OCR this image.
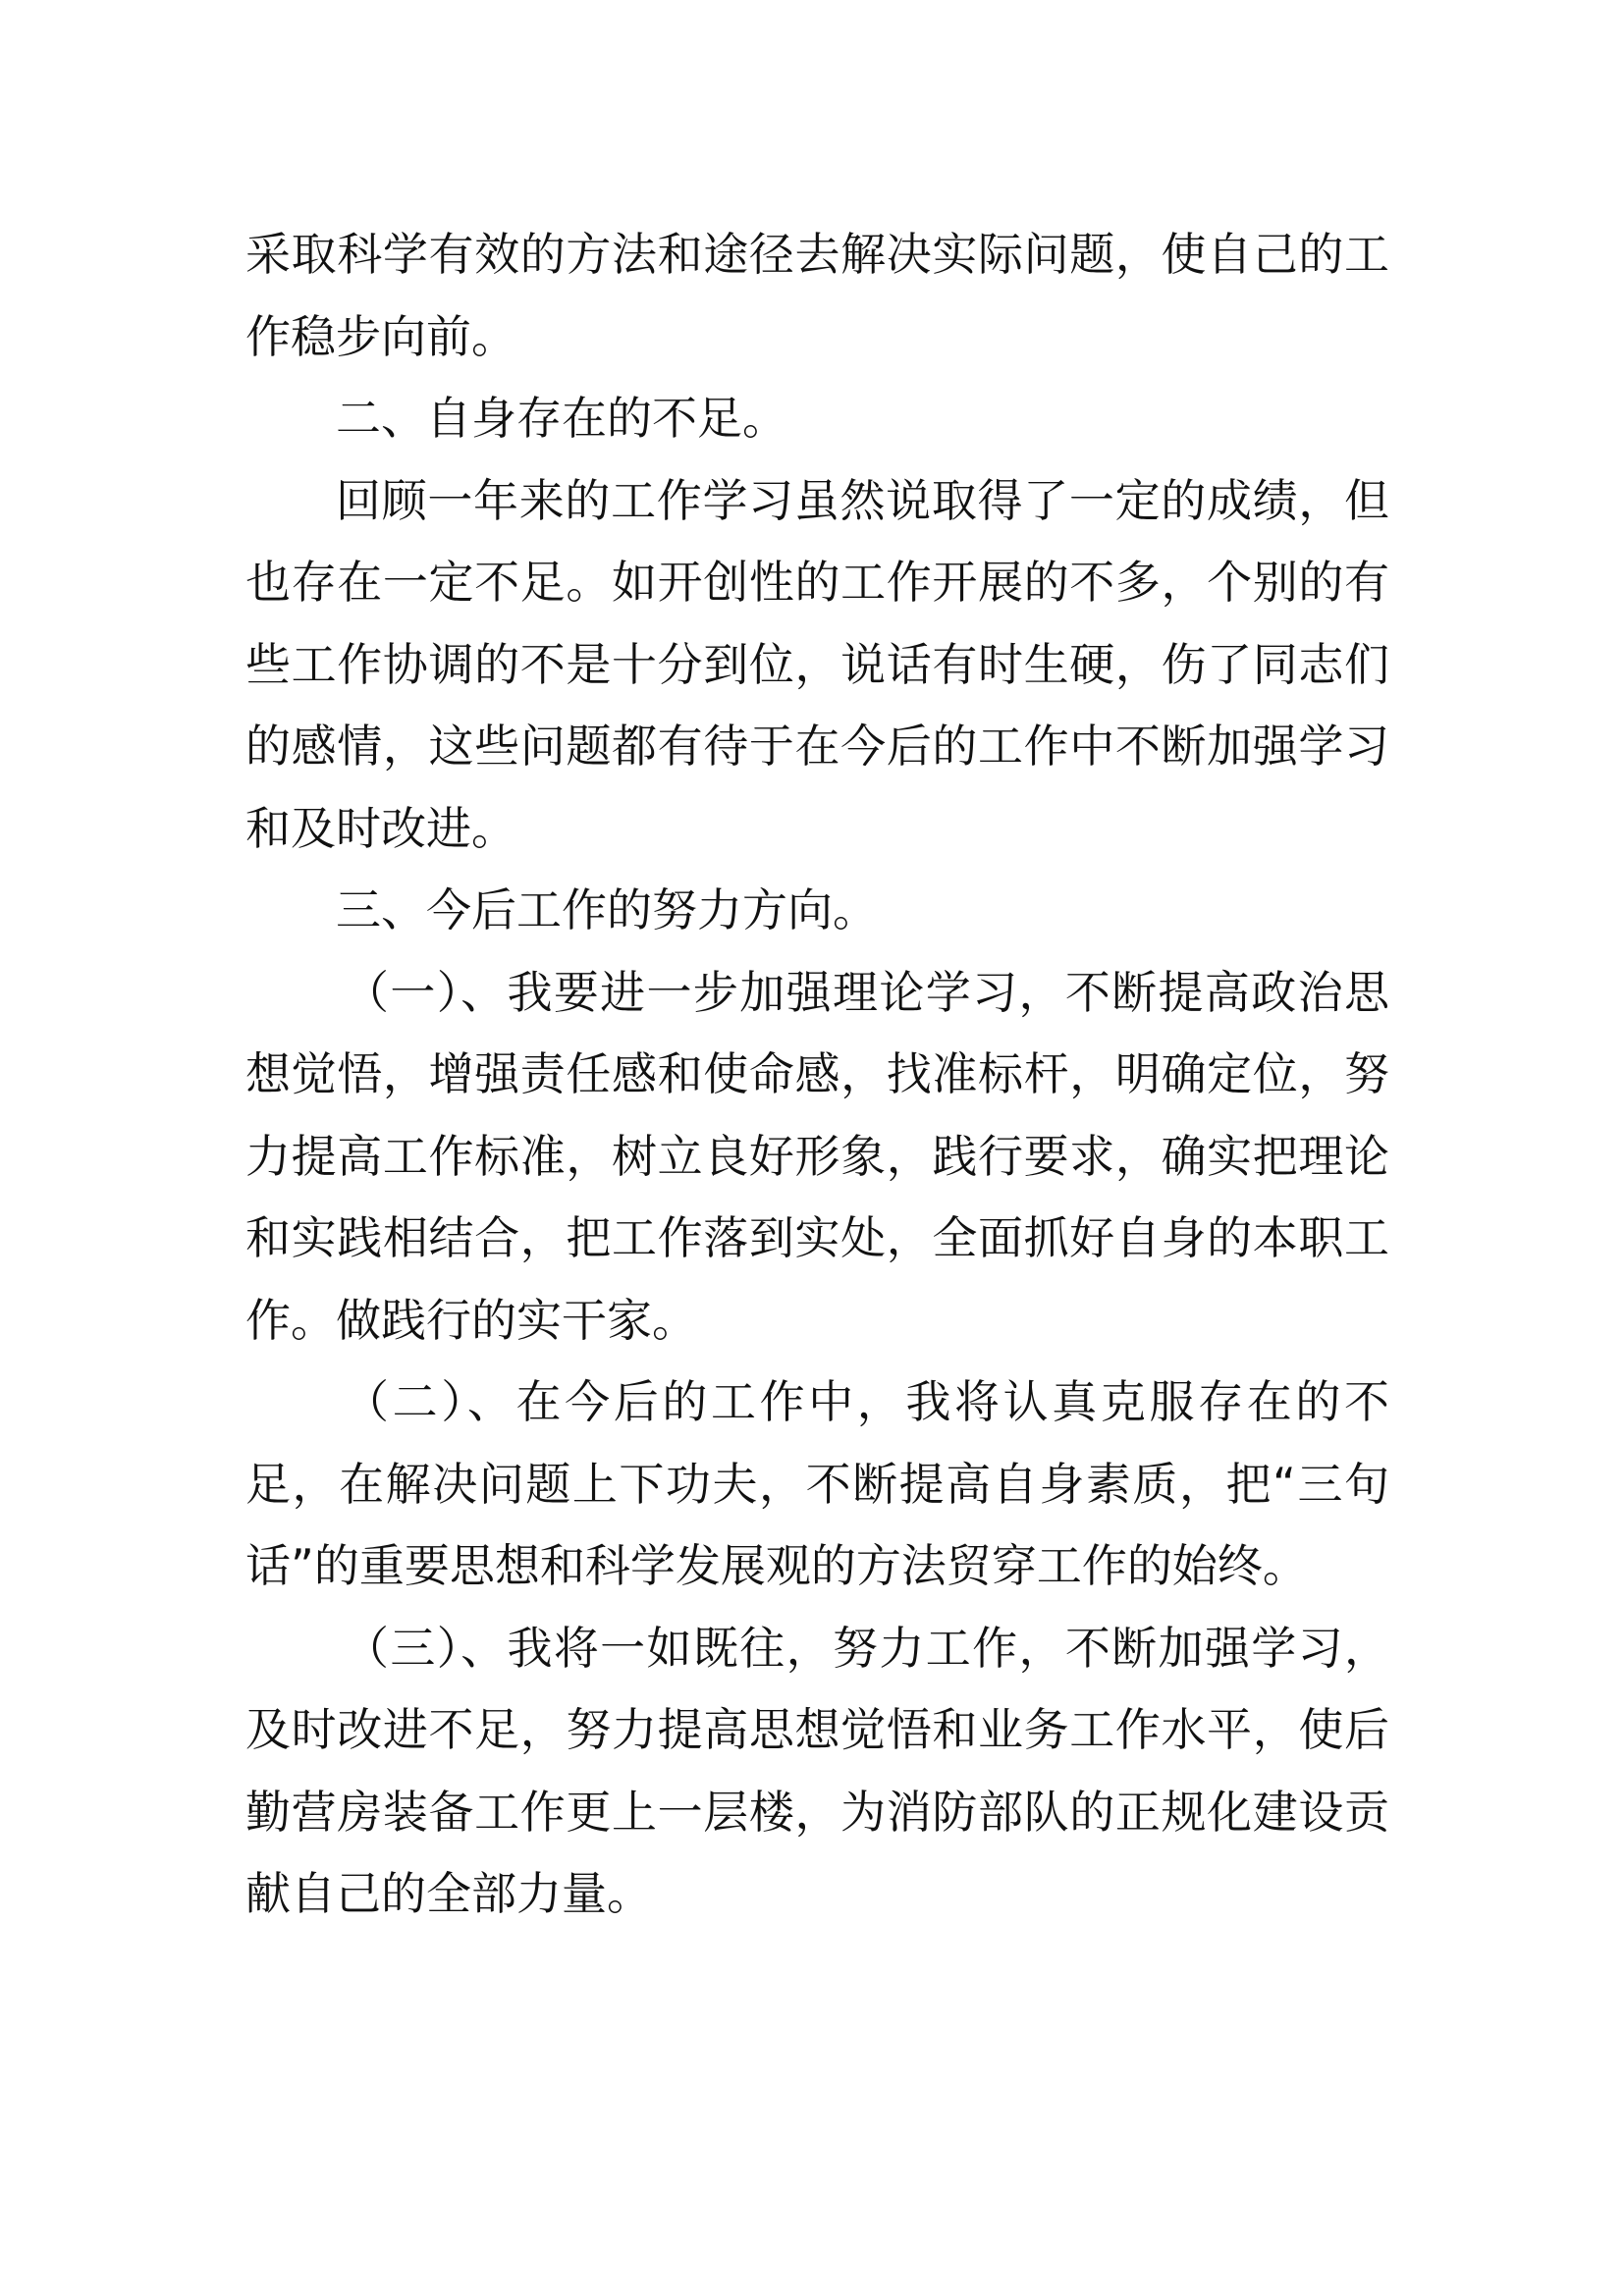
采取科学有效的方法和途径去解决实际问题，使自己的工作稳步向前。

二、自身存在的不足。

回顾一年来的工作学习虽然说取得了一定的成绩，但也存在一定不足。如开创性的工作开展的不多，个别的有些工作协调的不是十分到位，说话有时生硬，伤了同志们的感情，这些问题都有待于在今后的工作中不断加强学习和及时改进。

三、今后工作的努力方向。

（一）、我要进一步加强理论学习，不断提高政治思想觉悟，增强责任感和使命感，找准标杆，明确定位，努力提高工作标准，树立良好形象，践行要求，确实把理论和实践相结合，把工作落到实处，全面抓好自身的本职工作。做践行的实干家。

（二）、在今后的工作中，我将认真克服存在的不足，在解决问题上下功夫，不断提高自身素质，把“三句话”的重要思想和科学发展观的方法贸穿工作的始终。

（三）、我将一如既往，努力工作，不断加强学习，及时改进不足，努力提高思想觉悟和业务工作水平，使后勤营房装备工作更上一层楼，为消防部队的正规化建设贡献自己的全部力量。
